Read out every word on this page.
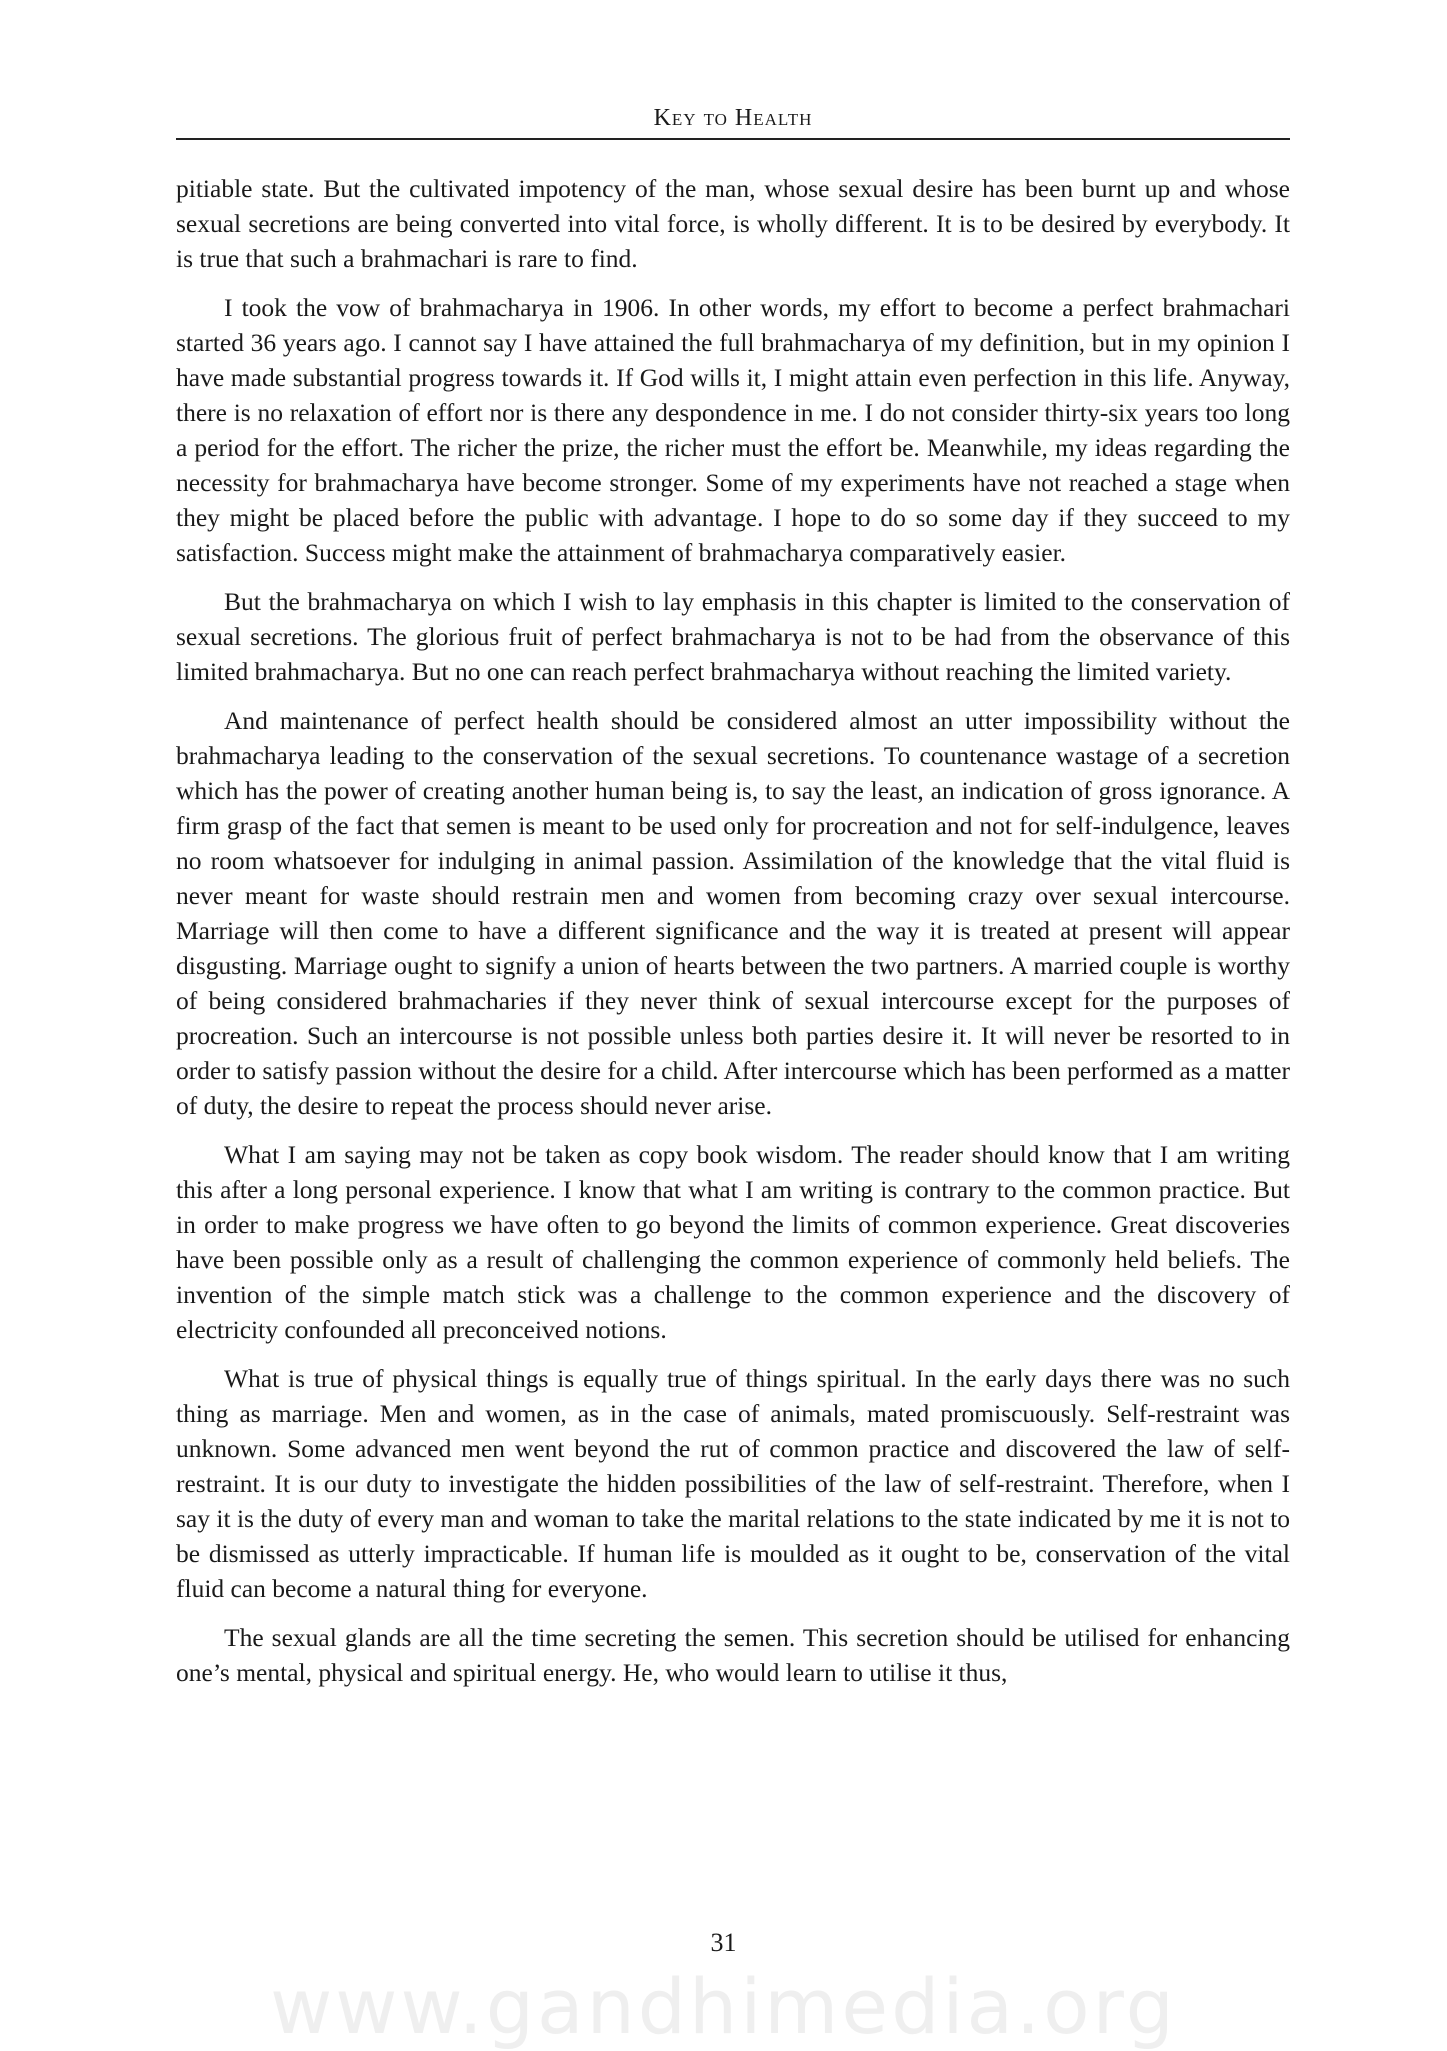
Key to Health

pitiable state. But the cultivated impotency of the man, whose sexual desire has been burnt up and whose sexual secretions are being converted into vital force, is wholly different. It is to be desired by everybody. It is true that such a brahmachari is rare to find.

I took the vow of brahmacharya in 1906. In other words, my effort to become a perfect brahmachari started 36 years ago. I cannot say I have attained the full brahmacharya of my definition, but in my opinion I have made substantial progress towards it. If God wills it, I might attain even perfection in this life. Anyway, there is no relaxation of effort nor is there any despondence in me. I do not consider thirty-six years too long a period for the effort. The richer the prize, the richer must the effort be. Meanwhile, my ideas regarding the necessity for brahmacharya have become stronger. Some of my experiments have not reached a stage when they might be placed before the public with advantage. I hope to do so some day if they succeed to my satisfaction. Success might make the attainment of brahmacharya comparatively easier.

But the brahmacharya on which I wish to lay emphasis in this chapter is limited to the conservation of sexual secretions. The glorious fruit of perfect brahmacharya is not to be had from the observance of this limited brahmacharya. But no one can reach perfect brahmacharya without reaching the limited variety.

And maintenance of perfect health should be considered almost an utter impossibility without the brahmacharya leading to the conservation of the sexual secretions. To countenance wastage of a secretion which has the power of creating another human being is, to say the least, an indication of gross ignorance. A firm grasp of the fact that semen is meant to be used only for procreation and not for self-indulgence, leaves no room whatsoever for indulging in animal passion. Assimilation of the knowledge that the vital fluid is never meant for waste should restrain men and women from becoming crazy over sexual intercourse. Marriage will then come to have a different significance and the way it is treated at present will appear disgusting. Marriage ought to signify a union of hearts between the two partners. A married couple is worthy of being considered brahmacharies if they never think of sexual intercourse except for the purposes of procreation. Such an intercourse is not possible unless both parties desire it. It will never be resorted to in order to satisfy passion without the desire for a child. After intercourse which has been performed as a matter of duty, the desire to repeat the process should never arise.

What I am saying may not be taken as copy book wisdom. The reader should know that I am writing this after a long personal experience. I know that what I am writing is contrary to the common practice. But in order to make progress we have often to go beyond the limits of common experience. Great discoveries have been possible only as a result of challenging the common experience of commonly held beliefs. The invention of the simple match stick was a challenge to the common experience and the discovery of electricity confounded all preconceived notions.

What is true of physical things is equally true of things spiritual. In the early days there was no such thing as marriage. Men and women, as in the case of animals, mated promiscuously. Self-restraint was unknown. Some advanced men went beyond the rut of common practice and discovered the law of self-restraint. It is our duty to investigate the hidden possibilities of the law of self-restraint. Therefore, when I say it is the duty of every man and woman to take the marital relations to the state indicated by me it is not to be dismissed as utterly impracticable. If human life is moulded as it ought to be, conservation of the vital fluid can become a natural thing for everyone.

The sexual glands are all the time secreting the semen. This secretion should be utilised for enhancing one’s mental, physical and spiritual energy. He, who would learn to utilise it thus,

31
www.gandhimedia.org
